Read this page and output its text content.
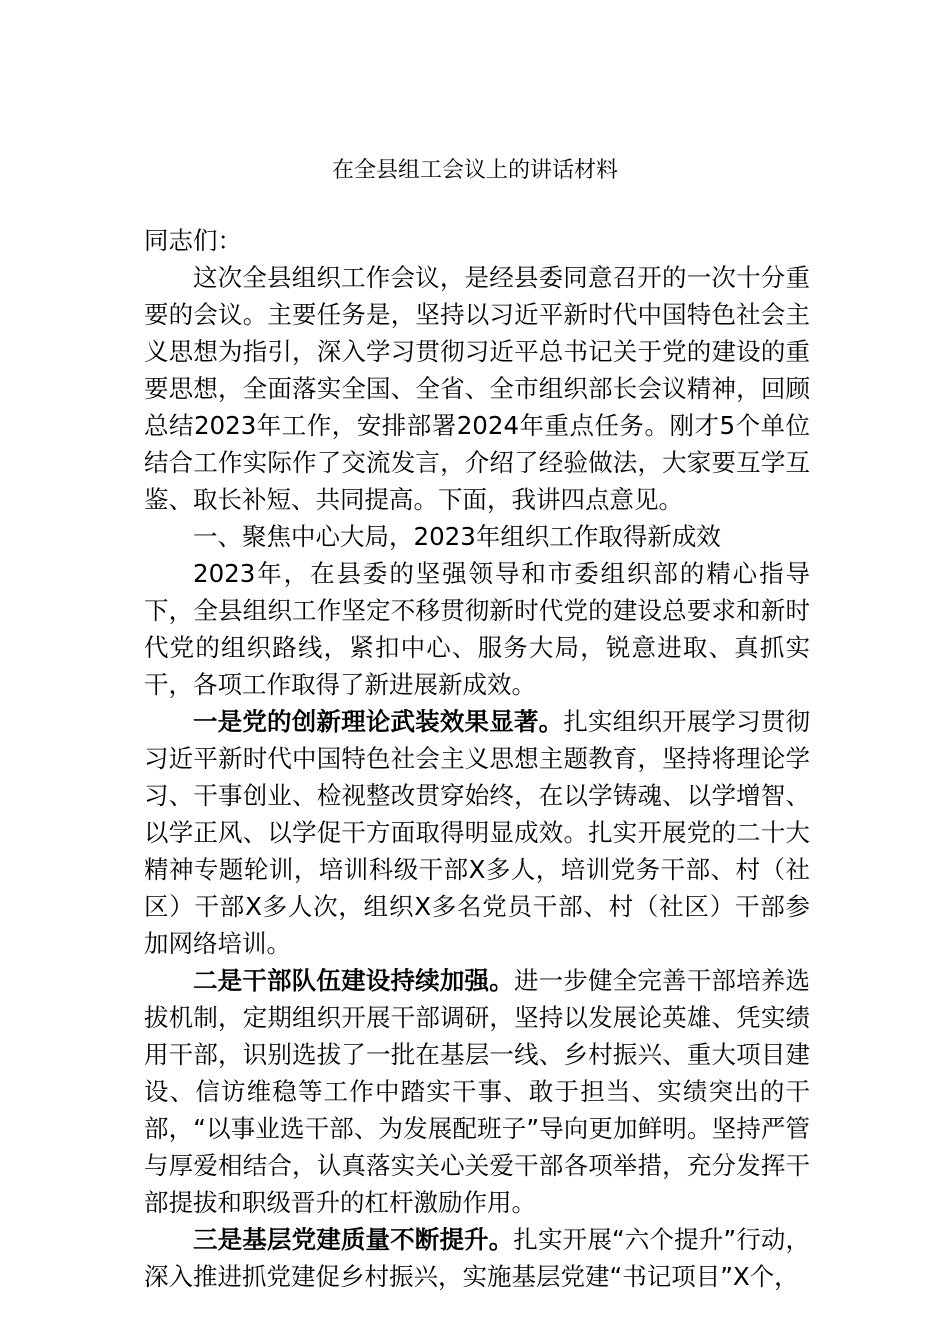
在全县组工会议上的讲话材料

同志们：

这次全县组织工作会议，是经县委同意召开的一次十分重要的会议。主要任务是，坚持以习近平新时代中国特色社会主义思想为指引，深入学习贯彻习近平总书记关于党的建设的重要思想，全面落实全国、全省、全市组织部长会议精神，回顾总结2023年工作，安排部署2024年重点任务。刚才5个单位结合工作实际作了交流发言，介绍了经验做法，大家要互学互鉴、取长补短、共同提高。下面，我讲四点意见。

一、聚焦中心大局，2023年组织工作取得新成效

2023年，在县委的坚强领导和市委组织部的精心指导下，全县组织工作坚定不移贯彻新时代党的建设总要求和新时代党的组织路线，紧扣中心、服务大局，锐意进取、真抓实干，各项工作取得了新进展新成效。

一是党的创新理论武装效果显著。扎实组织开展学习贯彻习近平新时代中国特色社会主义思想主题教育，坚持将理论学习、干事创业、检视整改贯穿始终，在以学铸魂、以学增智、以学正风、以学促干方面取得明显成效。扎实开展党的二十大精神专题轮训，培训科级干部X多人，培训党务干部、村（社区）干部X多人次，组织X多名党员干部、村（社区）干部参加网络培训。

二是干部队伍建设持续加强。进一步健全完善干部培养选拔机制，定期组织开展干部调研，坚持以发展论英雄、凭实绩用干部，识别选拔了一批在基层一线、乡村振兴、重大项目建设、信访维稳等工作中踏实干事、敢于担当、实绩突出的干部，“以事业选干部、为发展配班子”导向更加鲜明。坚持严管与厚爱相结合，认真落实关心关爱干部各项举措，充分发挥干部提拔和职级晋升的杠杆激励作用。

三是基层党建质量不断提升。扎实开展“六个提升”行动，深入推进抓党建促乡村振兴，实施基层党建“书记项目”X个，
